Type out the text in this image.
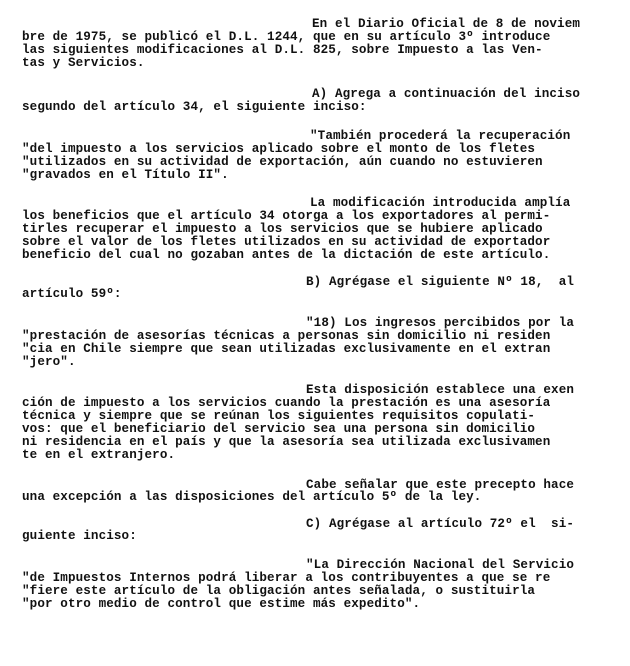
En el Diario Oficial de 8 de noviem
bre de 1975, se publicó el D.L. 1244, que en su artículo 3º introduce
las siguientes modificaciones al D.L. 825, sobre Impuesto a las Ven-
tas y Servicios.
A) Agrega a continuación del inciso
segundo del artículo 34, el siguiente inciso:
"También procederá la recuperación
"del impuesto a los servicios aplicado sobre el monto de los fletes
"utilizados en su actividad de exportación, aún cuando no estuvieren
"gravados en el Título II".
La modificación introducida amplía
los beneficios que el artículo 34 otorga a los exportadores al permi-
tirles recuperar el impuesto a los servicios que se hubiere aplicado
sobre el valor de los fletes utilizados en su actividad de exportador
beneficio del cual no gozaban antes de la dictación de este artículo.
B) Agrégase el siguiente Nº 18,  al
artículo 59º:
"18) Los ingresos percibidos por la
"prestación de asesorías técnicas a personas sin domicilio ni residen
"cia en Chile siempre que sean utilizadas exclusivamente en el extran
"jero".
Esta disposición establece una exen
ción de impuesto a los servicios cuando la prestación es una asesoría
técnica y siempre que se reúnan los siguientes requisitos copulati-
vos: que el beneficiario del servicio sea una persona sin domicilio
ni residencia en el país y que la asesoría sea utilizada exclusivamen
te en el extranjero.
Cabe señalar que este precepto hace
una excepción a las disposiciones del artículo 5º de la ley.
C) Agrégase al artículo 72º el  si-
guiente inciso:
"La Dirección Nacional del Servicio
"de Impuestos Internos podrá liberar a los contribuyentes a que se re
"fiere este artículo de la obligación antes señalada, o sustituirla
"por otro medio de control que estime más expedito".
